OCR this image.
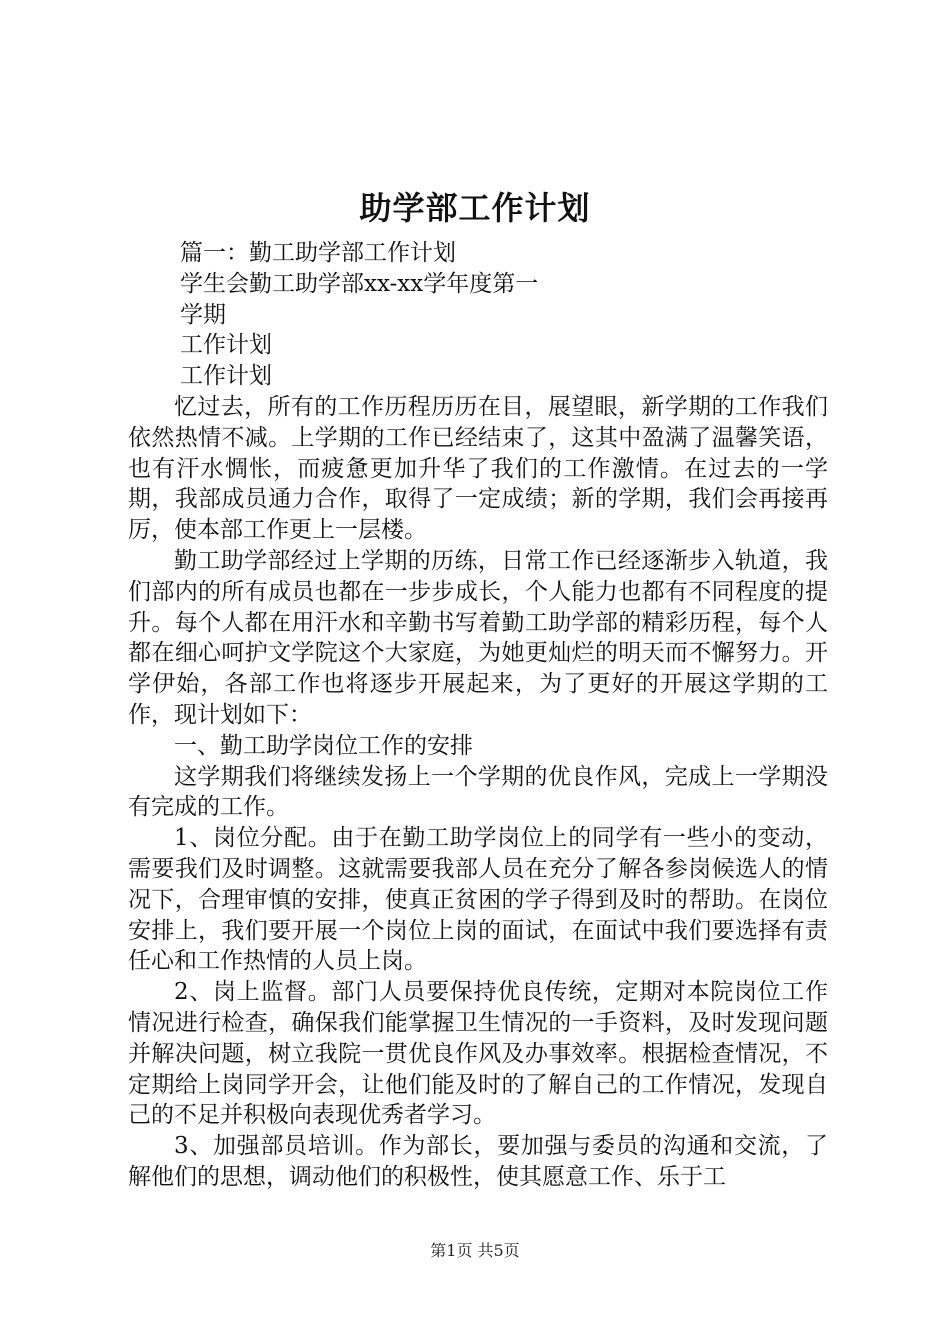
助学部工作计划

篇一：勤工助学部工作计划

学生会勤工助学部xx-xx学年度第一

学期

工作计划

工作计划

忆过去，所有的工作历程历历在目，展望眼，新学期的工作我们依然热情不减。上学期的工作已经结束了，这其中盈满了温馨笑语，也有汗水惆怅，而疲惫更加升华了我们的工作激情。在过去的一学期，我部成员通力合作，取得了一定成绩；新的学期，我们会再接再厉，使本部工作更上一层楼。

勤工助学部经过上学期的历练，日常工作已经逐渐步入轨道，我们部内的所有成员也都在一步步成长，个人能力也都有不同程度的提升。每个人都在用汗水和辛勤书写着勤工助学部的精彩历程，每个人都在细心呵护文学院这个大家庭，为她更灿烂的明天而不懈努力。开学伊始，各部工作也将逐步开展起来，为了更好的开展这学期的工作，现计划如下：

一、勤工助学岗位工作的安排

这学期我们将继续发扬上一个学期的优良作风，完成上一学期没有完成的工作。

1、岗位分配。由于在勤工助学岗位上的同学有一些小的变动，需要我们及时调整。这就需要我部人员在充分了解各参岗候选人的情况下，合理审慎的安排，使真正贫困的学子得到及时的帮助。在岗位安排上，我们要开展一个岗位上岗的面试，在面试中我们要选择有责任心和工作热情的人员上岗。

2、岗上监督。部门人员要保持优良传统，定期对本院岗位工作情况进行检查，确保我们能掌握卫生情况的一手资料，及时发现问题并解决问题，树立我院一贯优良作风及办事效率。根据检查情况，不定期给上岗同学开会，让他们能及时的了解自己的工作情况，发现自己的不足并积极向表现优秀者学习。

3、加强部员培训。作为部长，要加强与委员的沟通和交流，了解他们的思想，调动他们的积极性，使其愿意工作、乐于工

第1页 共5页
